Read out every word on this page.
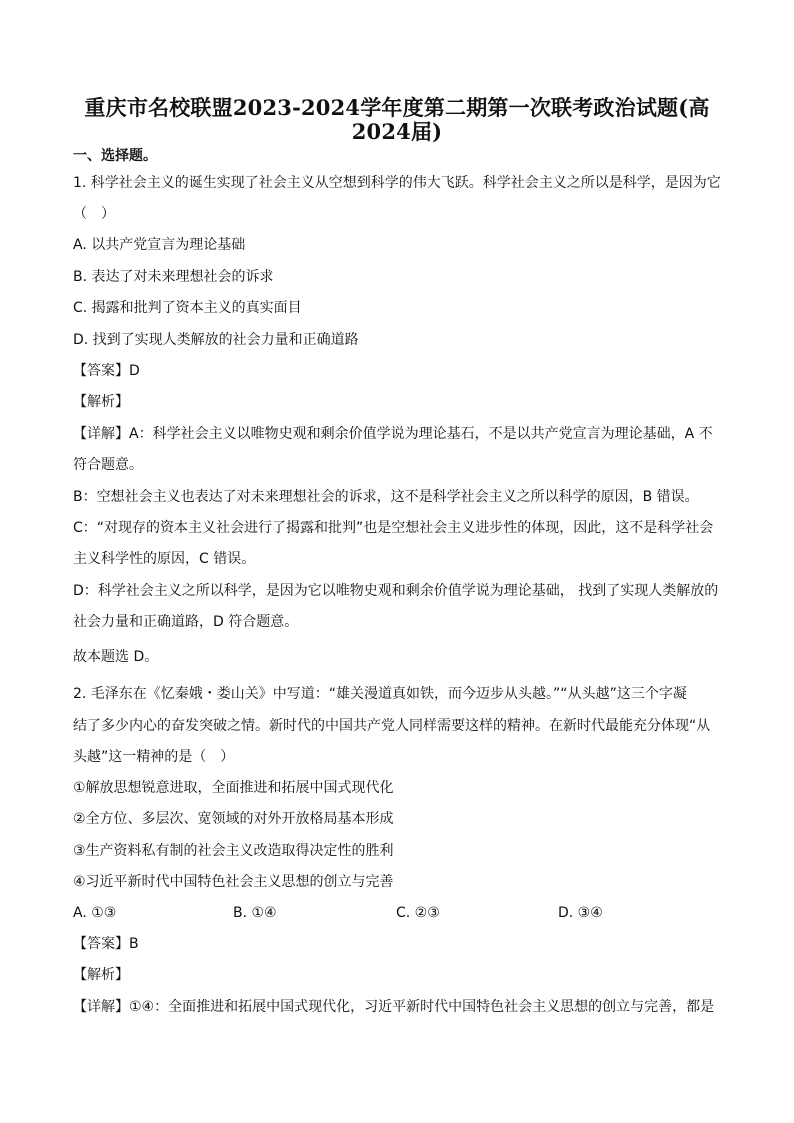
重庆市名校联盟2023-2024学年度第二期第一次联考政治试题(高
2024届)
一、选择题。
1. 科学社会主义的诞生实现了社会主义从空想到科学的伟大飞跃。科学社会主义之所以是科学，是因为它
（　）
A. 以共产党宣言为理论基础
B. 表达了对未来理想社会的诉求
C. 揭露和批判了资本主义的真实面目
D. 找到了实现人类解放的社会力量和正确道路
【答案】D
【解析】
【详解】A：科学社会主义以唯物史观和剩余价值学说为理论基石，不是以共产党宣言为理论基础，A 不
符合题意。
B：空想社会主义也表达了对未来理想社会的诉求，这不是科学社会主义之所以科学的原因，B 错误。
C：“对现存的资本主义社会进行了揭露和批判”也是空想社会主义进步性的体现，因此，这不是科学社会
主义科学性的原因，C 错误。
D：科学社会主义之所以科学，是因为它以唯物史观和剩余价值学说为理论基础， 找到了实现人类解放的
社会力量和正确道路，D 符合题意。
故本题选 D。
2. 毛泽东在《忆秦娥・娄山关》中写道：“雄关漫道真如铁，而今迈步从头越。”“从头越”这三个字凝
结了多少内心的奋发突破之情。新时代的中国共产党人同样需要这样的精神。在新时代最能充分体现“从
头越”这一精神的是（　）
①解放思想锐意进取，全面推进和拓展中国式现代化
②全方位、多层次、宽领域的对外开放格局基本形成
③生产资料私有制的社会主义改造取得决定性的胜利
④习近平新时代中国特色社会主义思想的创立与完善
A. ①③	B. ①④	C. ②③	D. ③④
【答案】B
【解析】
【详解】①④：全面推进和拓展中国式现代化，习近平新时代中国特色社会主义思想的创立与完善，都是
